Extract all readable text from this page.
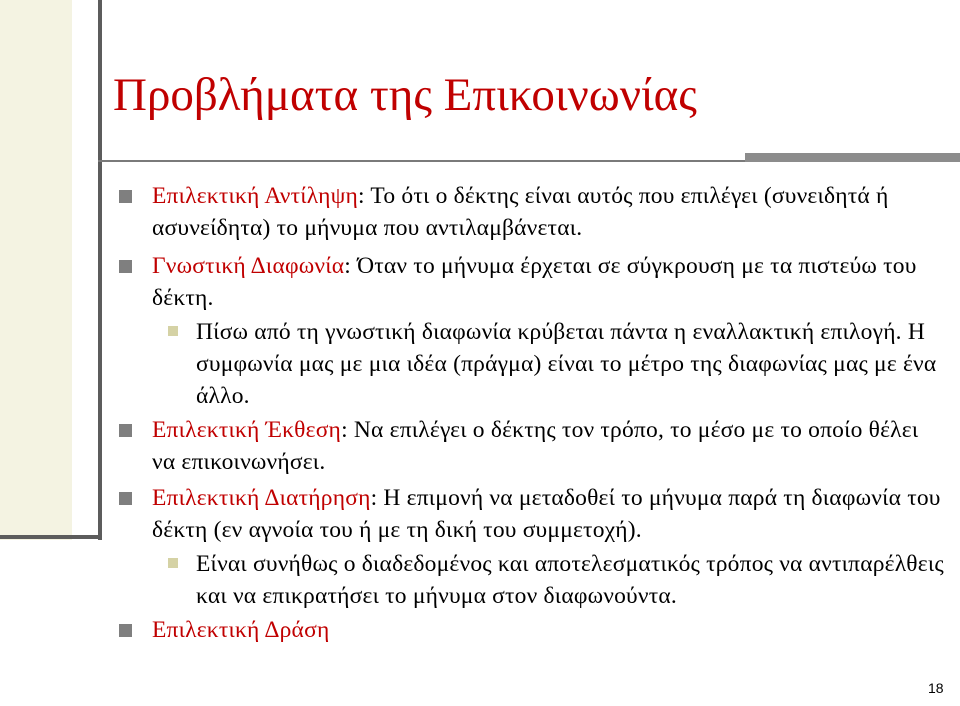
Προβλήματα της Επικοινωνίας

Επιλεκτική Αντίληψη: Το ότι ο δέκτης είναι αυτός που επιλέγει (συνειδητά ή ασυνείδητα) το μήνυμα που αντιλαμβάνεται.

Γνωστική Διαφωνία: Όταν το μήνυμα έρχεται σε σύγκρουση με τα πιστεύω του δέκτη.

Πίσω από τη γνωστική διαφωνία κρύβεται πάντα η εναλλακτική επιλογή. Η συμφωνία μας με μια ιδέα (πράγμα) είναι το μέτρο της διαφωνίας μας με ένα άλλο.

Επιλεκτική Έκθεση: Να επιλέγει ο δέκτης τον τρόπο, το μέσο με το οποίο θέλει να επικοινωνήσει.

Επιλεκτική Διατήρηση: Η επιμονή να μεταδοθεί το μήνυμα παρά τη διαφωνία του δέκτη (εν αγνοία του ή με τη δική του συμμετοχή).

Είναι συνήθως ο διαδεδομένος και αποτελεσματικός τρόπος να αντιπαρέλθεις και να επικρατήσει το μήνυμα στον διαφωνούντα.

Επιλεκτική Δράση

18
